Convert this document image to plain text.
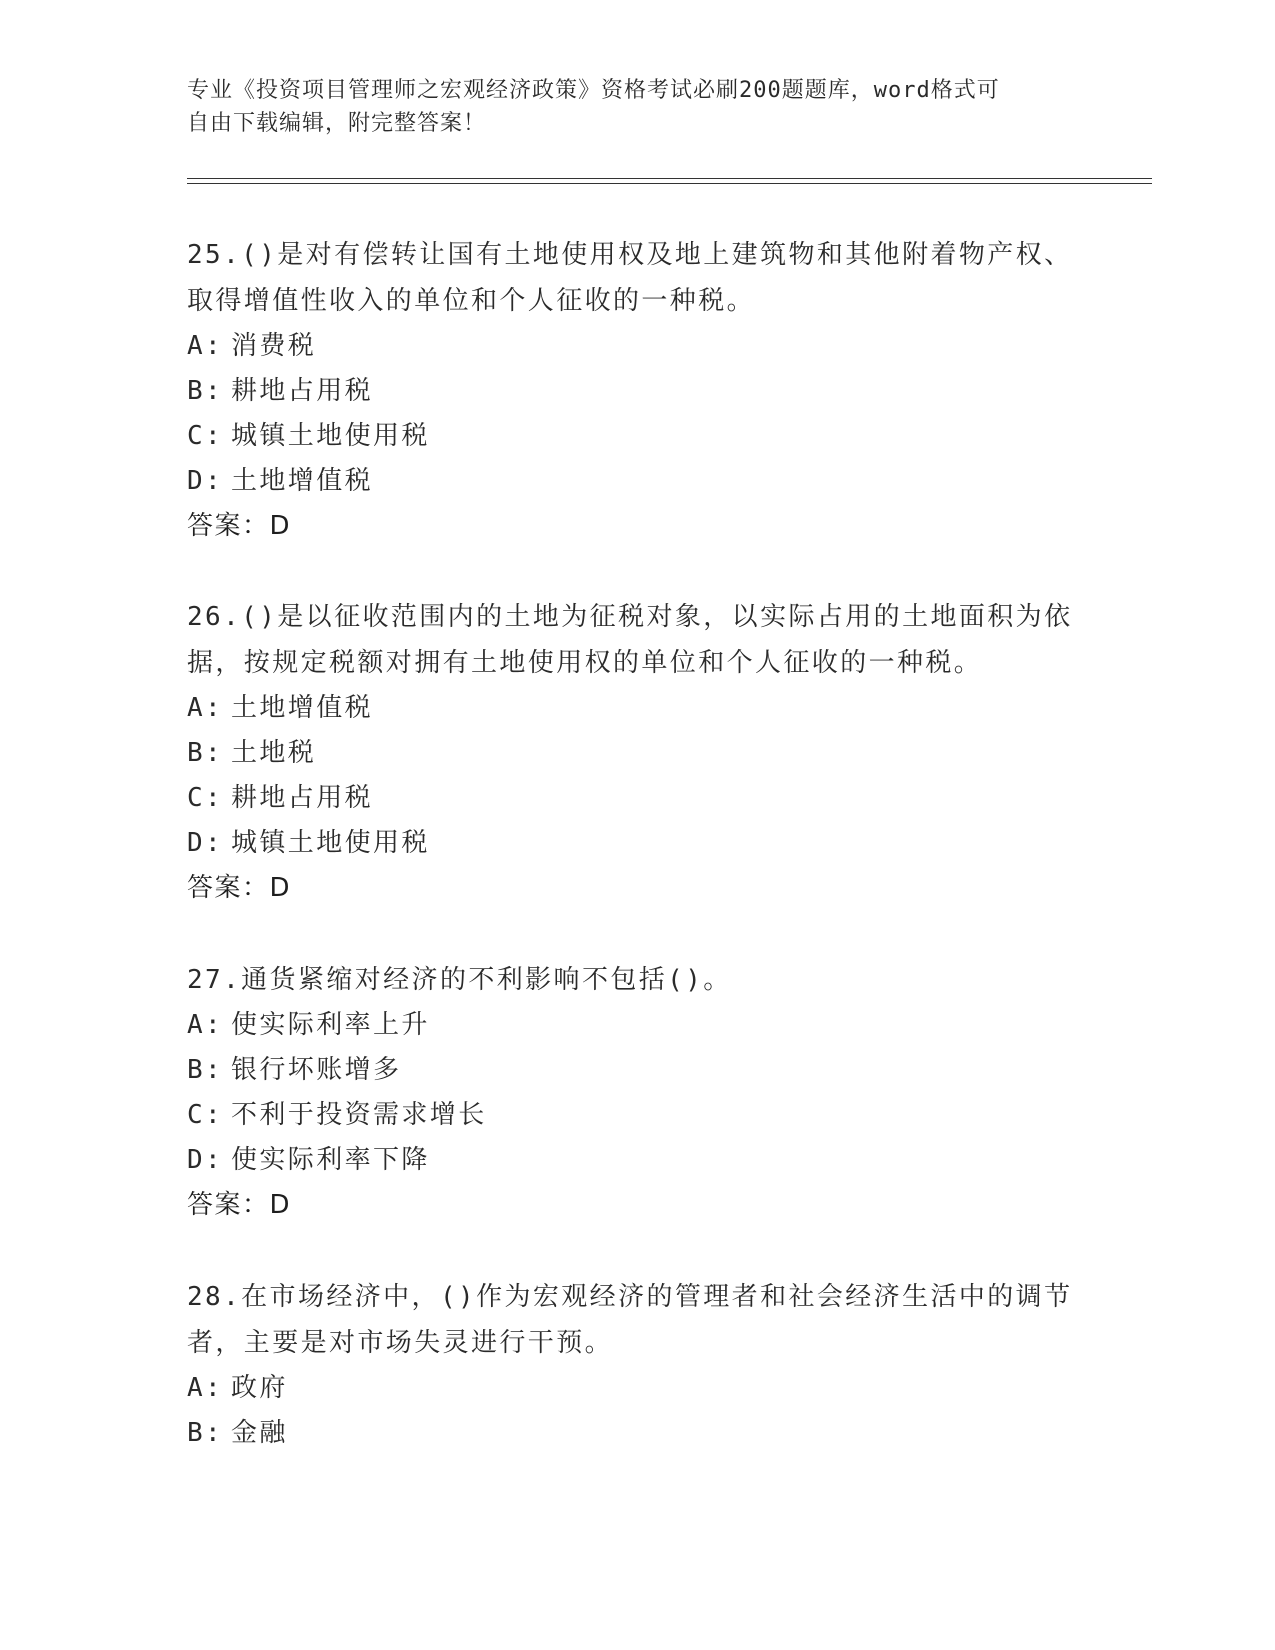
专业《投资项目管理师之宏观经济政策》资格考试必刷200题题库，word格式可
自由下载编辑，附完整答案！

25.()是对有偿转让国有土地使用权及地上建筑物和其他附着物产权、
取得增值性收入的单位和个人征收的一种税。

A: 消费税

B: 耕地占用税

C: 城镇土地使用税

D: 土地增值税

答案：D

26.()是以征收范围内的土地为征税对象，以实际占用的土地面积为依
据，按规定税额对拥有土地使用权的单位和个人征收的一种税。

A: 土地增值税

B: 土地税

C: 耕地占用税

D: 城镇土地使用税

答案：D

27.通货紧缩对经济的不利影响不包括()。

A: 使实际利率上升

B: 银行坏账增多

C: 不利于投资需求增长

D: 使实际利率下降

答案：D

28.在市场经济中，()作为宏观经济的管理者和社会经济生活中的调节
者，主要是对市场失灵进行干预。

A: 政府

B: 金融
